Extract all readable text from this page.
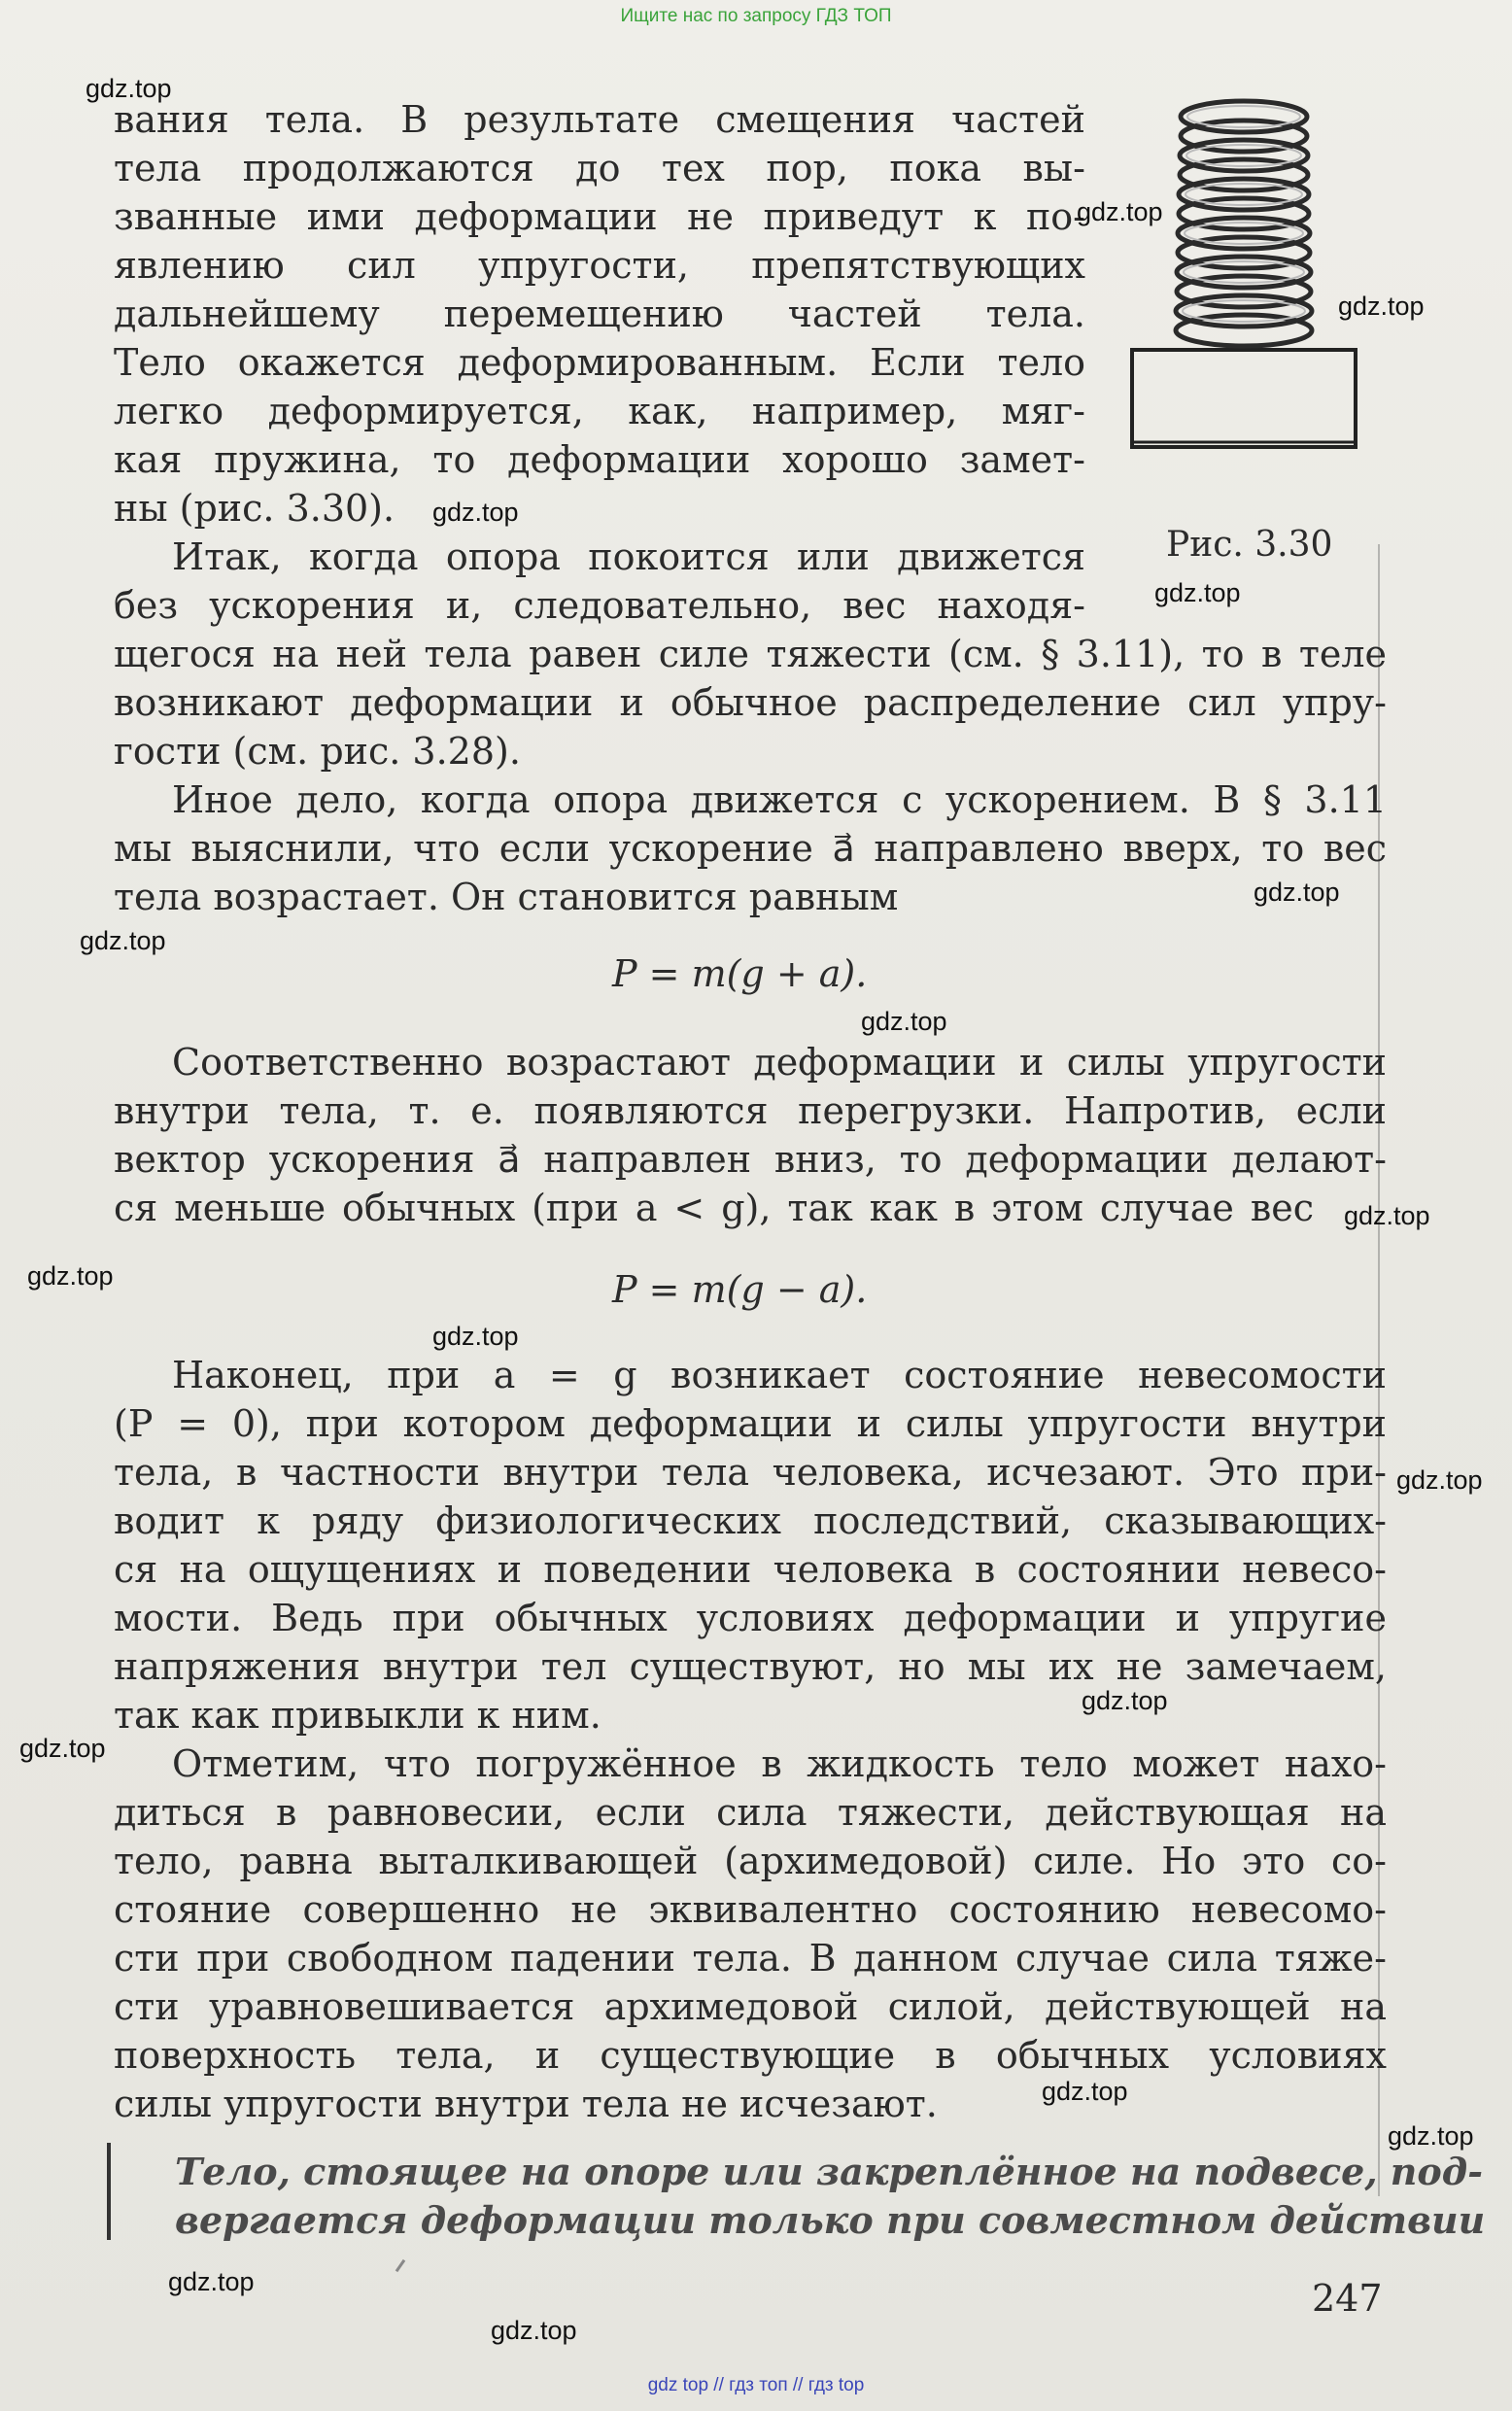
Ищите нас по запросу ГДЗ ТОП
Рис. 3.30
вания тела. В результате смещения частей
тела продолжаются до тех пор, пока вы-
званные ими деформации не приведут к по-
явлению сил упругости, препятствующих
дальнейшему перемещению частей тела.
Тело окажется деформированным. Если тело
легко деформируется, как, например, мяг-
кая пружина, то деформации хорошо замет-
ны (рис. 3.30).
Итак, когда опора покоится или движется
без ускорения и, следовательно, вес находя-
щегося на ней тела равен силе тяжести (см. § 3.11), то в теле
возникают деформации и обычное распределение сил упру-
гости (см. рис. 3.28).
Иное дело, когда опора движется с ускорением. В § 3.11
мы выяснили, что если ускорение a⃗ направлено вверх, то вес
тела возрастает. Он становится равным
P = m(g + a).
Соответственно возрастают деформации и силы упругости
внутри тела, т. е. появляются перегрузки. Напротив, если
вектор ускорения a⃗ направлен вниз, то деформации делают-
ся меньше обычных (при a < g), так как в этом случае вес
P = m(g − a).
Наконец, при a = g возникает состояние невесомости
(P = 0), при котором деформации и силы упругости внутри
тела, в частности внутри тела человека, исчезают. Это при-
водит к ряду физиологических последствий, сказывающих-
ся на ощущениях и поведении человека в состоянии невесо-
мости. Ведь при обычных условиях деформации и упругие
напряжения внутри тел существуют, но мы их не замечаем,
так как привыкли к ним.
Отметим, что погружённое в жидкость тело может нахо-
диться в равновесии, если сила тяжести, действующая на
тело, равна выталкивающей (архимедовой) силе. Но это со-
стояние совершенно не эквивалентно состоянию невесомо-
сти при свободном падении тела. В данном случае сила тяже-
сти уравновешивается архимедовой силой, действующей на
поверхность тела, и существующие в обычных условиях
силы упругости внутри тела не исчезают.
Тело, стоящее на опоре или закреплённое на подвесе, под-
вергается деформации только при совместном действии
247
gdz.top
gdz.top
gdz.top
gdz.top
gdz.top
gdz.top
gdz.top
gdz.top
gdz.top
gdz.top
gdz.top
gdz.top
gdz.top
gdz.top
gdz.top
gdz.top
gdz.top
gdz.top
gdz top // гдз топ // гдз top
